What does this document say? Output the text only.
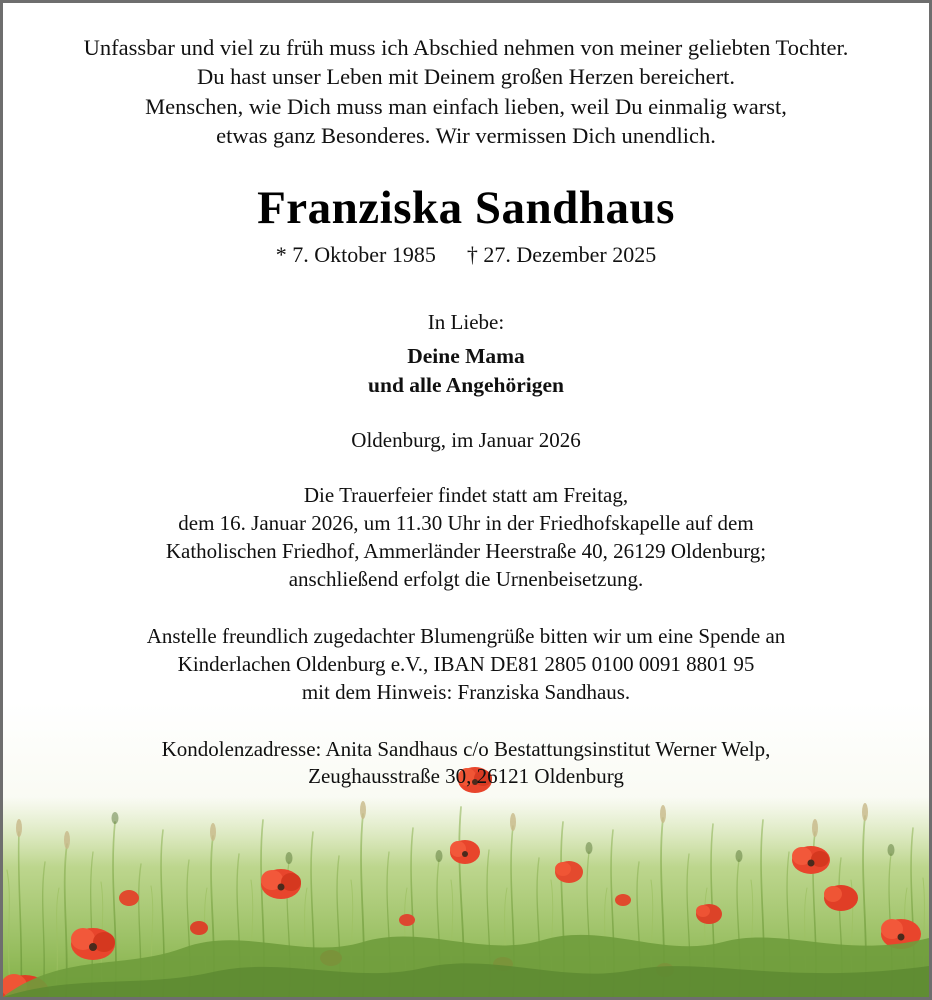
Unfassbar und viel zu früh muss ich Abschied nehmen von meiner geliebten Tochter.
Du hast unser Leben mit Deinem großen Herzen bereichert.
Menschen, wie Dich muss man einfach lieben, weil Du einmalig warst,
etwas ganz Besonderes. Wir vermissen Dich unendlich.
Franziska Sandhaus
* 7. Oktober 1985 † 27. Dezember 2025
In Liebe:
Deine Mama
und alle Angehörigen
Oldenburg, im Januar 2026
Die Trauerfeier findet statt am Freitag,
dem 16. Januar 2026, um 11.30 Uhr in der Friedhofskapelle auf dem
Katholischen Friedhof, Ammerländer Heerstraße 40, 26129 Oldenburg;
anschließend erfolgt die Urnenbeisetzung.
Anstelle freundlich zugedachter Blumengrüße bitten wir um eine Spende an
Kinderlachen Oldenburg e.V., IBAN DE81 2805 0100 0091 8801 95
mit dem Hinweis: Franziska Sandhaus.
Kondolenzadresse: Anita Sandhaus c/o Bestattungsinstitut Werner Welp,
Zeughausstraße 30, 26121 Oldenburg
